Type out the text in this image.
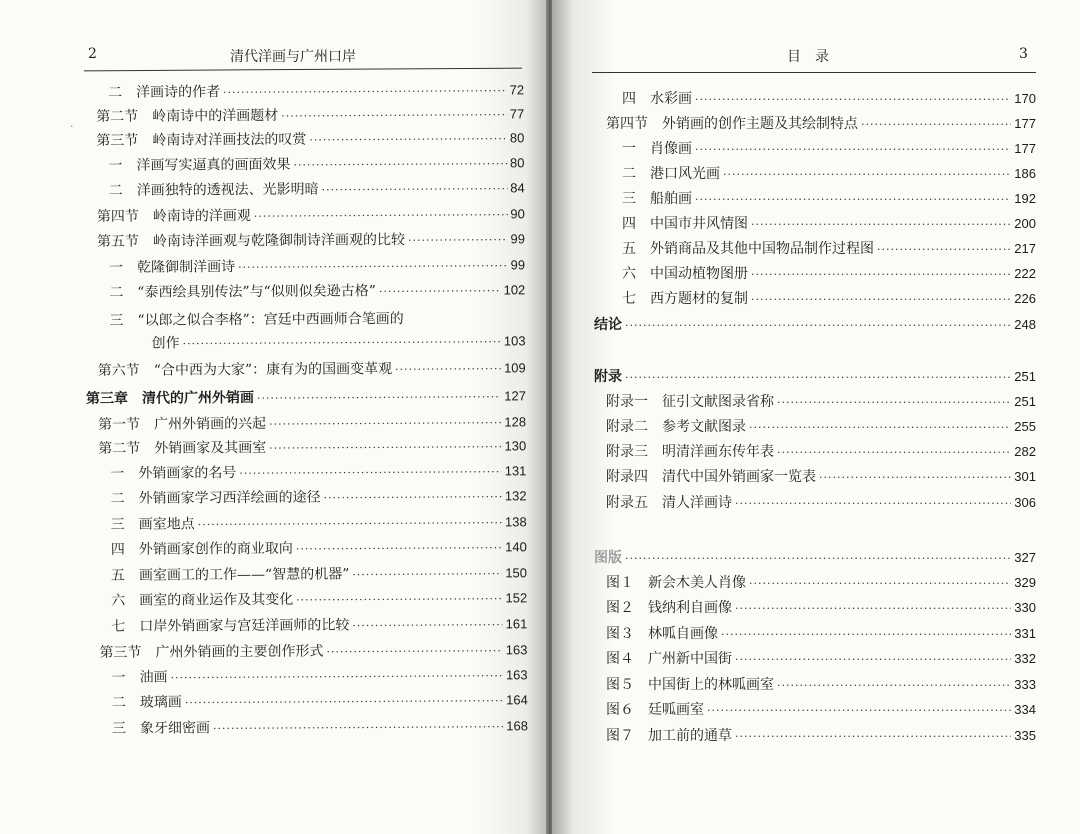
2	清代洋画与广州口岸
二　洋画诗的作者 ·····	72
第二节　岭南诗中的洋画题材 ·····	77
第三节　岭南诗对洋画技法的叹赏 ·····	80
一　洋画写实逼真的画面效果 ·····	80
二　洋画独特的透视法、光影明暗 ·····	84
第四节　岭南诗的洋画观 ·····	90
第五节　岭南诗洋画观与乾隆御制诗洋画观的比较 ·····	99
一　乾隆御制洋画诗 ·····	99
二　“泰西绘具别传法”与“似则似矣逊古格” ·····	102
三　“以郎之似合李格”：宫廷中西画师合笔画的
创作 ·····	103
第六节　“合中西为大家”：康有为的国画变革观 ·····	109
第三章　清代的广州外销画 ·····	127
第一节　广州外销画的兴起 ·····	128
第二节　外销画家及其画室 ·····	130
一　外销画家的名号 ·····	131
二　外销画家学习西洋绘画的途径 ·····	132
三　画室地点 ·····	138
四　外销画家创作的商业取向 ·····	140
五　画室画工的工作——“智慧的机器” ·····	150
六　画室的商业运作及其变化 ·····	152
七　口岸外销画家与宫廷洋画师的比较 ·····	161
第三节　广州外销画的主要创作形式 ·····	163
一　油画 ·····	163
二　玻璃画 ·····	164
三　象牙细密画 ·····	168
·
目　录	3
四　水彩画 ·····	170
第四节　外销画的创作主题及其绘制特点 ·····	177
一　肖像画 ·····	177
二　港口风光画 ·····	186
三　船舶画 ·····	192
四　中国市井风情图 ·····	200
五　外销商品及其他中国物品制作过程图 ·····	217
六　中国动植物图册 ·····	222
七　西方题材的复制 ·····	226
结论 ·····	248
附录 ·····	251
附录一　征引文献图录省称 ·····	251
附录二　参考文献图录 ·····	255
附录三　明清洋画东传年表 ·····	282
附录四　清代中国外销画家一览表 ·····	301
附录五　清人洋画诗 ·····	306
图版 ·····	327
图１　新会木美人肖像 ·····	329
图２　钱纳利自画像 ·····	330
图３　林呱自画像 ·····	331
图４　广州新中国街 ·····	332
图５　中国街上的林呱画室 ·····	333
图６　廷呱画室 ·····	334
图７　加工前的通草 ·····	335
